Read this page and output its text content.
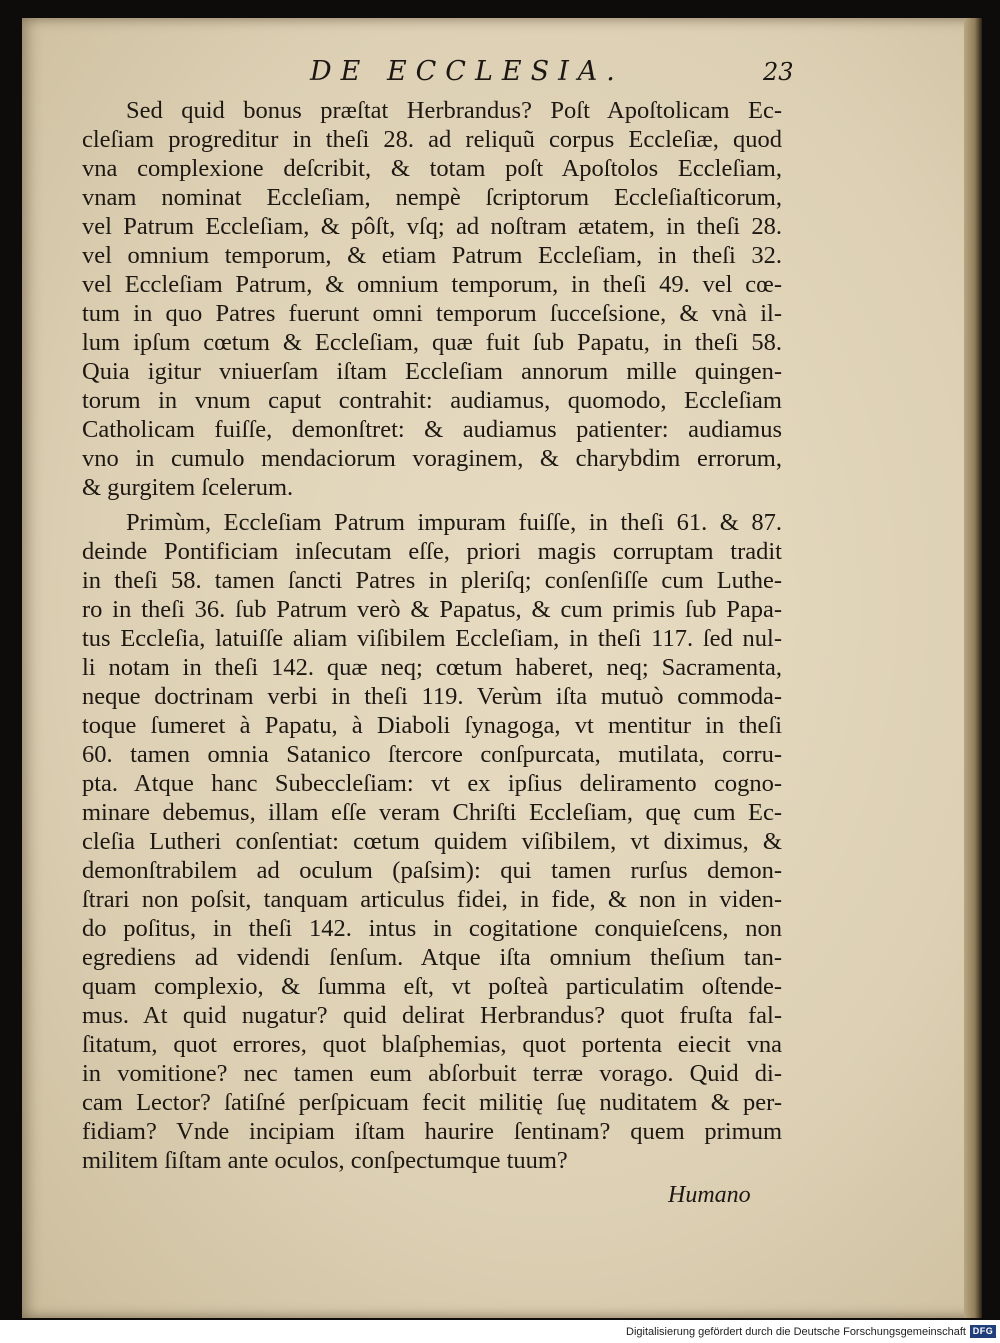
DE ECCLESIA.	23

Sed quid bonus præſtat Herbrandus? Poſt Apoſtolicam Ec-
cleſiam progreditur in theſi 28. ad reliquũ corpus Eccleſiæ, quod
vna complexione deſcribit, & totam poſt Apoſtolos Eccleſiam,
vnam nominat Eccleſiam, nempè ſcriptorum Eccleſiaſticorum,
vel Patrum Eccleſiam, & pôſt, vſq; ad noſtram ætatem, in theſi 28.
vel omnium temporum, & etiam Patrum Eccleſiam, in theſi 32.
vel Eccleſiam Patrum, & omnium temporum, in theſi 49. vel cœ-
tum in quo Patres fuerunt omni temporum ſucceſsione, & vnà il-
lum ipſum cœtum & Eccleſiam, quæ fuit ſub Papatu, in theſi 58.
Quia igitur vniuerſam iſtam Eccleſiam annorum mille quingen-
torum in vnum caput contrahit: audiamus, quomodo, Eccleſiam
Catholicam fuiſſe, demonſtret: & audiamus patienter: audiamus
vno in cumulo mendaciorum voraginem, & charybdim errorum,
& gurgitem ſcelerum.

Primùm, Eccleſiam Patrum impuram fuiſſe, in theſi 61. & 87.
deinde Pontificiam inſecutam eſſe, priori magis corruptam tradit
in theſi 58. tamen ſancti Patres in pleriſq; conſenſiſſe cum Luthe-
ro in theſi 36. ſub Patrum verò & Papatus, & cum primis ſub Papa-
tus Eccleſia, latuiſſe aliam viſibilem Eccleſiam, in theſi 117. ſed nul-
li notam in theſi 142. quæ neq; cœtum haberet, neq; Sacramenta,
neque doctrinam verbi in theſi 119. Verùm iſta mutuò commoda-
toque ſumeret à Papatu, à Diaboli ſynagoga, vt mentitur in theſi
60. tamen omnia Satanico ſtercore conſpurcata, mutilata, corru-
pta. Atque hanc Subeccleſiam: vt ex ipſius deliramento cogno-
minare debemus, illam eſſe veram Chriſti Eccleſiam, quę cum Ec-
cleſia Lutheri conſentiat: cœtum quidem viſibilem, vt diximus, &
demonſtrabilem ad oculum (paſsim): qui tamen rurſus demon-
ſtrari non poſsit, tanquam articulus fidei, in fide, & non in viden-
do poſitus, in theſi 142. intus in cogitatione conquieſcens, non
egrediens ad videndi ſenſum. Atque iſta omnium theſium tan-
quam complexio, & ſumma eſt, vt poſteà particulatim oſtende-
mus. At quid nugatur? quid delirat Herbrandus? quot fruſta fal-
ſitatum, quot errores, quot blaſphemias, quot portenta eiecit vna
in vomitione? nec tamen eum abſorbuit terræ vorago. Quid di-
cam Lector? ſatiſné perſpicuam fecit militię ſuę nuditatem & per-
fidiam? Vnde incipiam iſtam haurire ſentinam? quem primum
militem ſiſtam ante oculos, conſpectumque tuum?

Humano
Digitalisierung gefördert durch die Deutsche Forschungsgemeinschaft DFG
